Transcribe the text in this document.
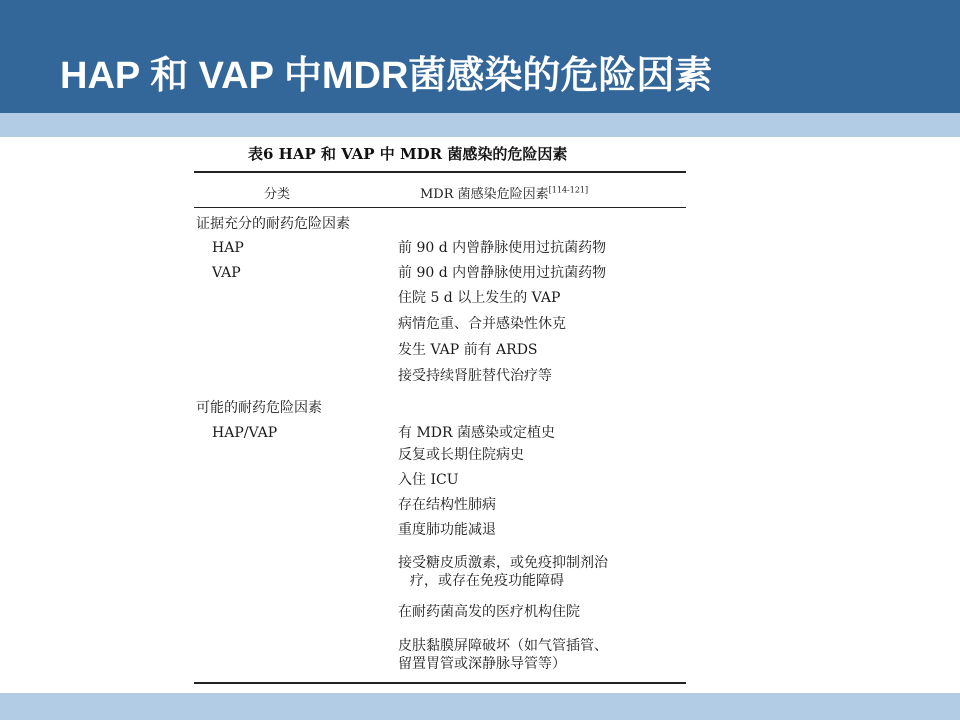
HAP 和 VAP 中MDR菌感染的危险因素
表6 HAP 和 VAP 中 MDR 菌感染的危险因素
分类	MDR 菌感染危险因素[114-121]
证据充分的耐药危险因素
HAP	前 90 d 内曾静脉使用过抗菌药物
VAP	前 90 d 内曾静脉使用过抗菌药物
住院 5 d 以上发生的 VAP
病情危重、合并感染性休克
发生 VAP 前有 ARDS
接受持续肾脏替代治疗等
可能的耐药危险因素
HAP/VAP	有 MDR 菌感染或定植史
反复或长期住院病史
入住 ICU
存在结构性肺病
重度肺功能减退
接受糖皮质激素，或免疫抑制剂治
疗，或存在免疫功能障碍
在耐药菌高发的医疗机构住院
皮肤黏膜屏障破坏（如气管插管、
留置胃管或深静脉导管等）
